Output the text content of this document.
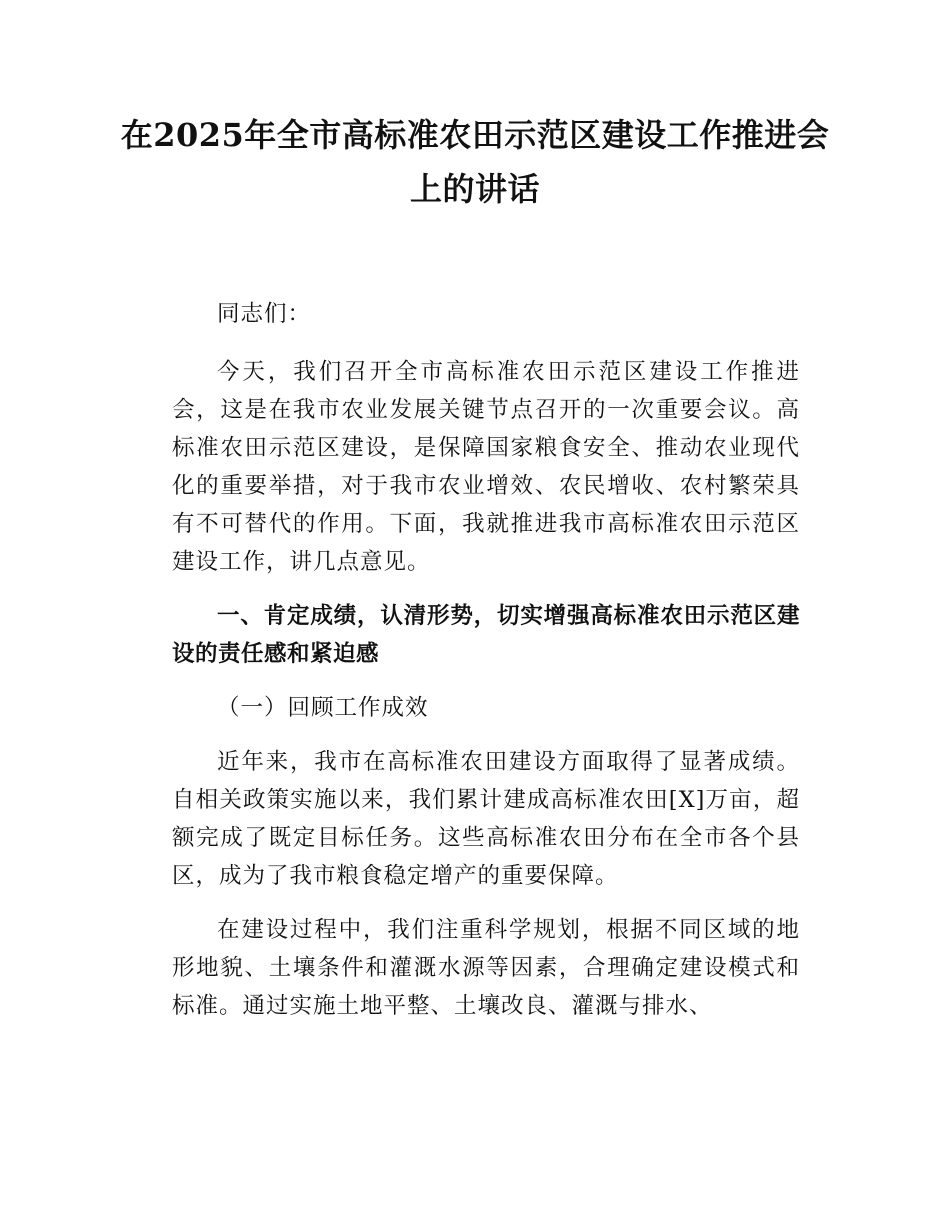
在2025年全市高标准农田示范区建设工作推进会上的讲话

同志们：

今天，我们召开全市高标准农田示范区建设工作推进会，这是在我市农业发展关键节点召开的一次重要会议。高标准农田示范区建设，是保障国家粮食安全、推动农业现代化的重要举措，对于我市农业增效、农民增收、农村繁荣具有不可替代的作用。下面，我就推进我市高标准农田示范区建设工作，讲几点意见。

一、肯定成绩，认清形势，切实增强高标准农田示范区建设的责任感和紧迫感

（一）回顾工作成效

近年来，我市在高标准农田建设方面取得了显著成绩。自相关政策实施以来，我们累计建成高标准农田[X]万亩，超额完成了既定目标任务。这些高标准农田分布在全市各个县区，成为了我市粮食稳定增产的重要保障。

在建设过程中，我们注重科学规划，根据不同区域的地形地貌、土壤条件和灌溉水源等因素，合理确定建设模式和标准。通过实施土地平整、土壤改良、灌溉与排水、
